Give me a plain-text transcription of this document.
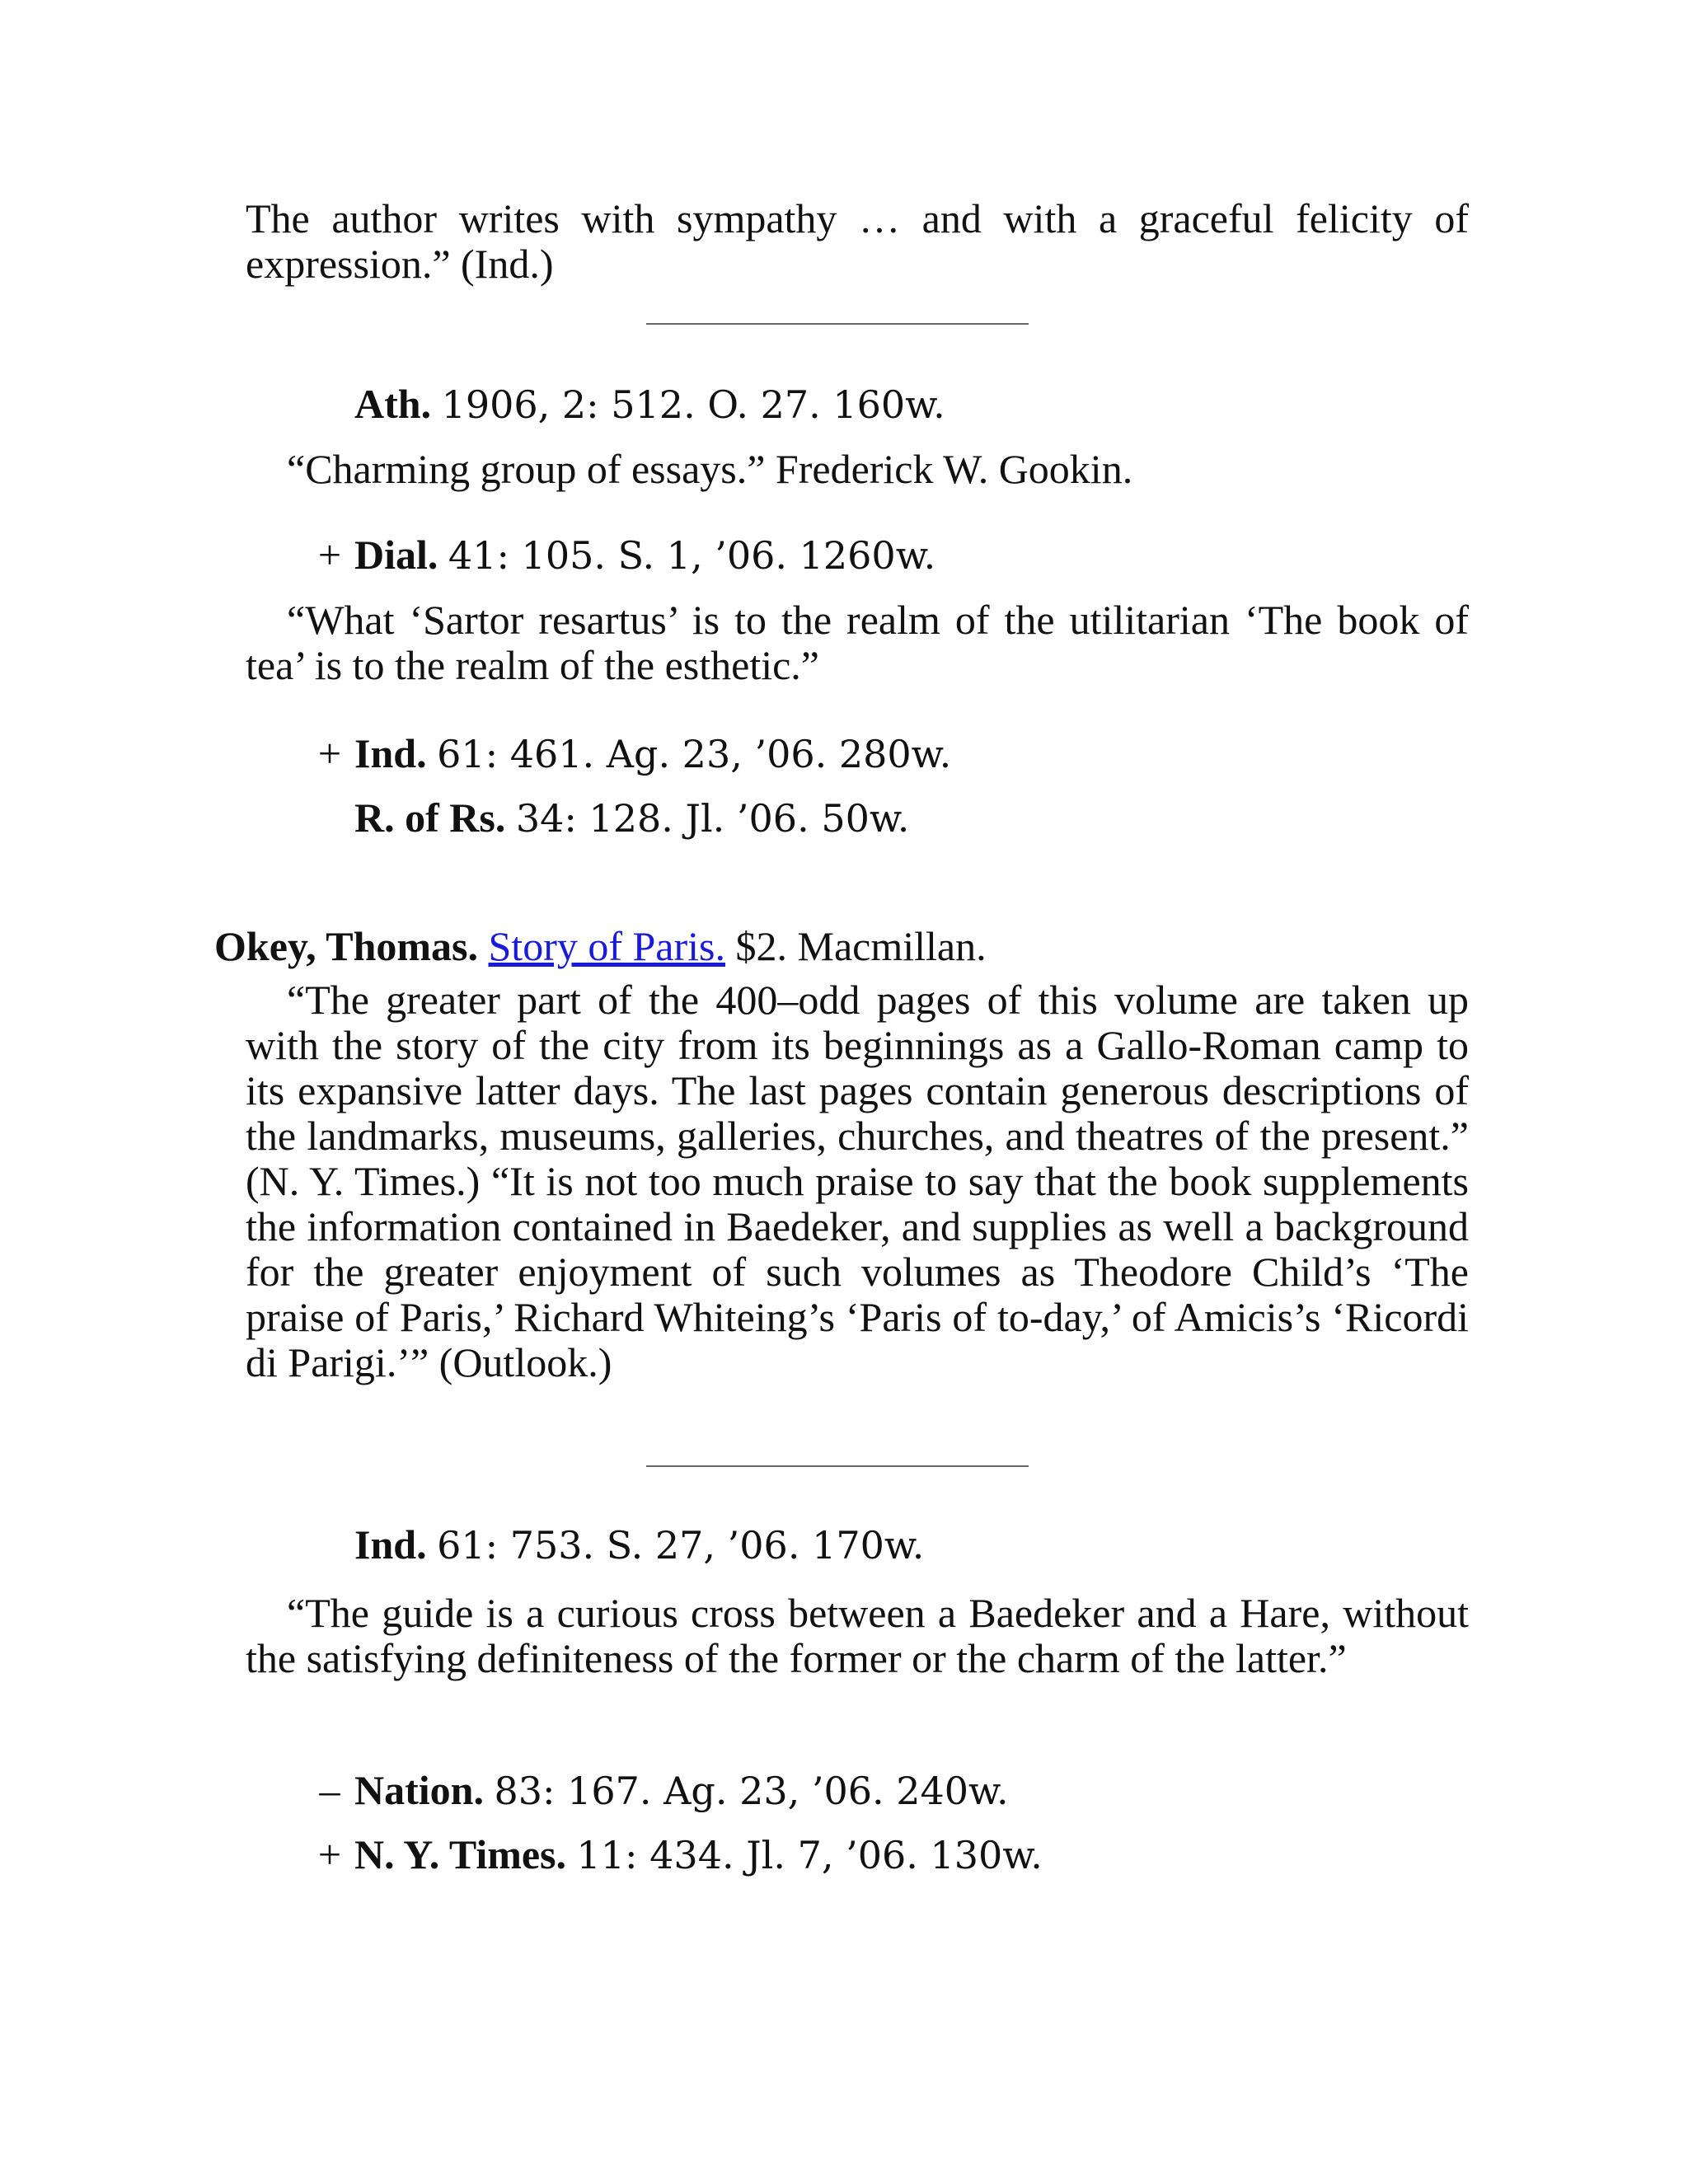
The author writes with sympathy … and with a graceful felicity of expression.” (Ind.)
Ath. 1906, 2: 512. O. 27. 160w.
“Charming group of essays.” Frederick W. Gookin.
+ Dial. 41: 105. S. 1, ’06. 1260w.
“What ‘Sartor resartus’ is to the realm of the utilitarian ‘The book of tea’ is to the realm of the esthetic.”
+ Ind. 61: 461. Ag. 23, ’06. 280w.
R. of Rs. 34: 128. Jl. ’06. 50w.
Okey, Thomas. Story of Paris. $2. Macmillan.
“The greater part of the 400–odd pages of this volume are taken up with the story of the city from its beginnings as a Gallo-Roman camp to its expansive latter days. The last pages contain generous descriptions of the landmarks, museums, galleries, churches, and theatres of the present.” (N. Y. Times.) “It is not too much praise to say that the book supplements the information contained in Baedeker, and supplies as well a background for the greater enjoyment of such volumes as Theodore Child’s ‘The praise of Paris,’ Richard Whiteing’s ‘Paris of to-day,’ of Amicis’s ‘Ricordi di Parigi.’” (Outlook.)
Ind. 61: 753. S. 27, ’06. 170w.
“The guide is a curious cross between a Baedeker and a Hare, without the satisfying definiteness of the former or the charm of the latter.”
– Nation. 83: 167. Ag. 23, ’06. 240w.
+ N. Y. Times. 11: 434. Jl. 7, ’06. 130w.
